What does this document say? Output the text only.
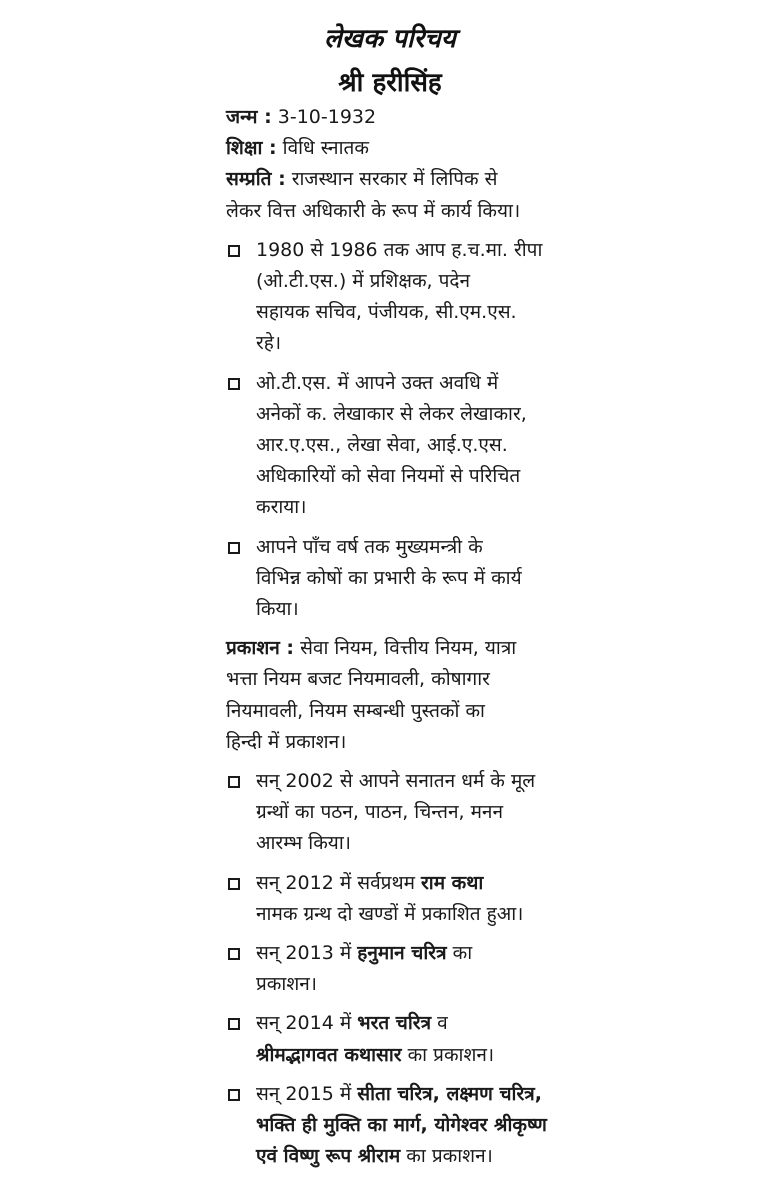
लेखक परिचय
श्री हरीसिंह
जन्म : 3-10-1932
शिक्षा : विधि स्नातक
सम्प्रति : राजस्थान सरकार में लिपिक से
लेकर वित्त अधिकारी के रूप में कार्य किया।
1980 से 1986 तक आप ह.च.मा. रीपा
(ओ.टी.एस.) में प्रशिक्षक, पदेन
सहायक सचिव, पंजीयक, सी.एम.एस.
रहे।
ओ.टी.एस. में आपने उक्त अवधि में
अनेकों क. लेखाकार से लेकर लेखाकार,
आर.ए.एस., लेखा सेवा, आई.ए.एस.
अधिकारियों को सेवा नियमों से परिचित
कराया।
आपने पाँच वर्ष तक मुख्यमन्त्री के
विभिन्न कोषों का प्रभारी के रूप में कार्य
किया।
प्रकाशन : सेवा नियम, वित्तीय नियम, यात्रा
भत्ता नियम बजट नियमावली, कोषागार
नियमावली, नियम सम्बन्धी पुस्तकों का
हिन्दी में प्रकाशन।
सन् 2002 से आपने सनातन धर्म के मूल
ग्रन्थों का पठन, पाठन, चिन्तन, मनन
आरम्भ किया।
सन् 2012 में सर्वप्रथम राम कथा
नामक ग्रन्थ दो खण्डों में प्रकाशित हुआ।
सन् 2013 में हनुमान चरित्र का
प्रकाशन।
सन् 2014 में भरत चरित्र व
श्रीमद्भागवत कथासार का प्रकाशन।
सन् 2015 में सीता चरित्र, लक्ष्मण चरित्र,
भक्ति ही मुक्ति का मार्ग, योगेश्वर श्रीकृष्ण
एवं विष्णु रूप श्रीराम का प्रकाशन।
